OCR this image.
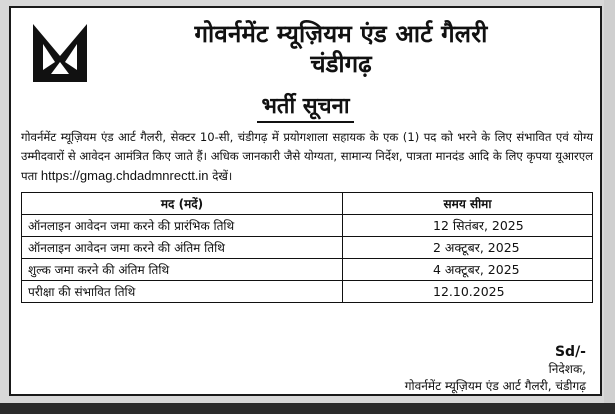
गोवर्नमेंट म्यूज़ियम एंड आर्ट गैलरी
चंडीगढ़
भर्ती सूचना
गोवर्नमेंट म्यूज़ियम एंड आर्ट गैलरी, सेक्टर 10-सी, चंडीगढ़ में प्रयोगशाला सहायक के एक (1) पद को भरने के लिए संभावित एवं योग्य उम्मीदवारों से आवेदन आमंत्रित किए जाते हैं। अधिक जानकारी जैसे योग्यता, सामान्य निर्देश, पात्रता मानदंड आदि के लिए कृपया यूआरएल पता https://gmag.chdadmnrectt.in देखें।
मद (मदें)	समय सीमा
ऑनलाइन आवेदन जमा करने की प्रारंभिक तिथि	12 सितंबर, 2025
ऑनलाइन आवेदन जमा करने की अंतिम तिथि	2 अक्टूबर, 2025
शुल्क जमा करने की अंतिम तिथि	4 अक्टूबर, 2025
परीक्षा की संभावित तिथि	12.10.2025
Sd/-
निदेशक,
गोवर्नमेंट म्यूज़ियम एंड आर्ट गैलरी, चंडीगढ़
